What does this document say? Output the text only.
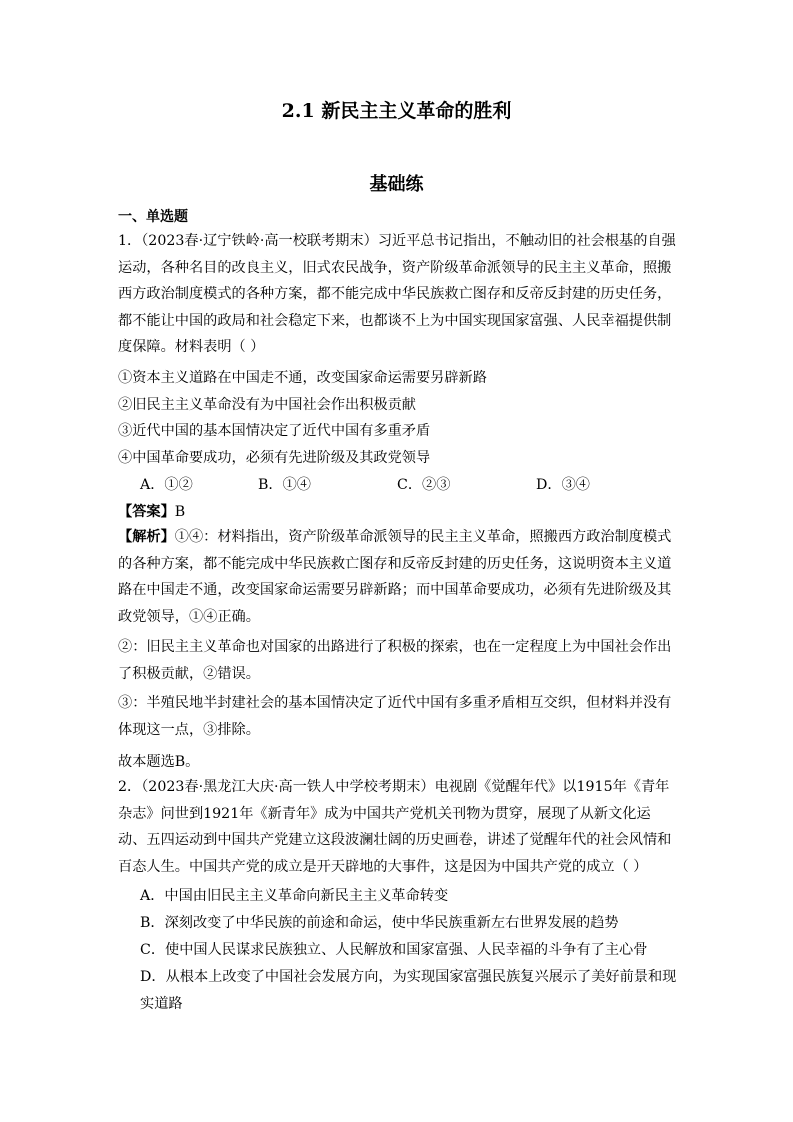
2.1 新民主主义革命的胜利
基础练
一、单选题
1．（2023春·辽宁铁岭·高一校联考期末）习近平总书记指出，不触动旧的社会根基的自强运动，各种名目的改良主义，旧式农民战争，资产阶级革命派领导的民主主义革命，照搬西方政治制度模式的各种方案，都不能完成中华民族救亡图存和反帝反封建的历史任务，都不能让中国的政局和社会稳定下来，也都谈不上为中国实现国家富强、人民幸福提供制度保障。材料表明（ ）
①资本主义道路在中国走不通，改变国家命运需要另辟新路
②旧民主主义革命没有为中国社会作出积极贡献
③近代中国的基本国情决定了近代中国有多重矛盾
④中国革命要成功，必须有先进阶级及其政党领导
A．①②	B．①④	C．②③	D．③④
【答案】B
【解析】①④：材料指出，资产阶级革命派领导的民主主义革命，照搬西方政治制度模式的各种方案，都不能完成中华民族救亡图存和反帝反封建的历史任务，这说明资本主义道路在中国走不通，改变国家命运需要另辟新路；而中国革命要成功，必须有先进阶级及其政党领导，①④正确。
②：旧民主主义革命也对国家的出路进行了积极的探索，也在一定程度上为中国社会作出了积极贡献，②错误。
③：半殖民地半封建社会的基本国情决定了近代中国有多重矛盾相互交织，但材料并没有体现这一点，③排除。
故本题选B。
2．（2023春·黑龙江大庆·高一铁人中学校考期末）电视剧《觉醒年代》以1915年《青年杂志》问世到1921年《新青年》成为中国共产党机关刊物为贯穿，展现了从新文化运动、五四运动到中国共产党建立这段波澜壮阔的历史画卷，讲述了觉醒年代的社会风情和百态人生。中国共产党的成立是开天辟地的大事件，这是因为中国共产党的成立（ ）
A．中国由旧民主主义革命向新民主主义革命转变
B．深刻改变了中华民族的前途和命运，使中华民族重新左右世界发展的趋势
C．使中国人民谋求民族独立、人民解放和国家富强、人民幸福的斗争有了主心骨
D．从根本上改变了中国社会发展方向，为实现国家富强民族复兴展示了美好前景和现实道路
